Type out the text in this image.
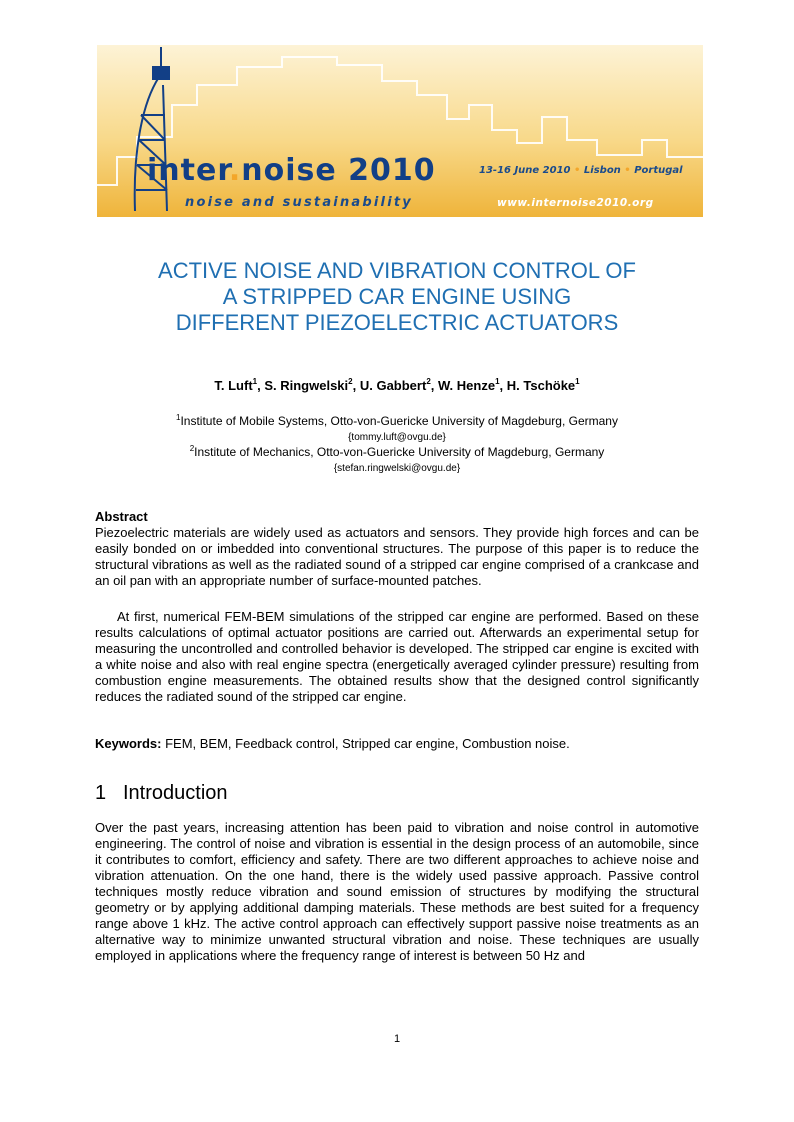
inter.noise 2010
noise and sustainability
13-16 June 2010 • Lisbon • Portugal
www.internoise2010.org
ACTIVE NOISE AND VIBRATION CONTROL OF
A STRIPPED CAR ENGINE USING
DIFFERENT PIEZOELECTRIC ACTUATORS
T. Luft$^1$, S. Ringwelski$^2$, U. Gabbert$^2$, W. Henze$^1$, H. Tschöke$^1$
$^1$Institute of Mobile Systems, Otto-von-Guericke University of Magdeburg, Germany
{tommy.luft@ovgu.de}
$^2$Institute of Mechanics, Otto-von-Guericke University of Magdeburg, Germany
{stefan.ringwelski@ovgu.de}
Abstract
Piezoelectric materials are widely used as actuators and sensors. They provide high forces and can be easily bonded on or imbedded into conventional structures. The purpose of this paper is to reduce the structural vibrations as well as the radiated sound of a stripped car engine comprised of a crankcase and an oil pan with an appropriate number of surface-mounted patches.
At first, numerical FEM-BEM simulations of the stripped car engine are performed. Based on these results calculations of optimal actuator positions are carried out. Afterwards an experimental setup for measuring the uncontrolled and controlled behavior is developed. The stripped car engine is excited with a white noise and also with real engine spectra (energetically averaged cylinder pressure) resulting from combustion engine measurements. The obtained results show that the designed control significantly reduces the radiated sound of the stripped car engine.
Keywords: FEM, BEM, Feedback control, Stripped car engine, Combustion noise.
1 Introduction
Over the past years, increasing attention has been paid to vibration and noise control in automotive engineering. The control of noise and vibration is essential in the design process of an automobile, since it contributes to comfort, efficiency and safety. There are two different approaches to achieve noise and vibration attenuation. On the one hand, there is the widely used passive approach. Passive control techniques mostly reduce vibration and sound emission of structures by modifying the structural geometry or by applying additional damping materials. These methods are best suited for a frequency range above 1 kHz. The active control approach can effectively support passive noise treatments as an alternative way to minimize unwanted structural vibration and noise. These techniques are usually employed in applications where the frequency range of interest is between 50 Hz and
1
